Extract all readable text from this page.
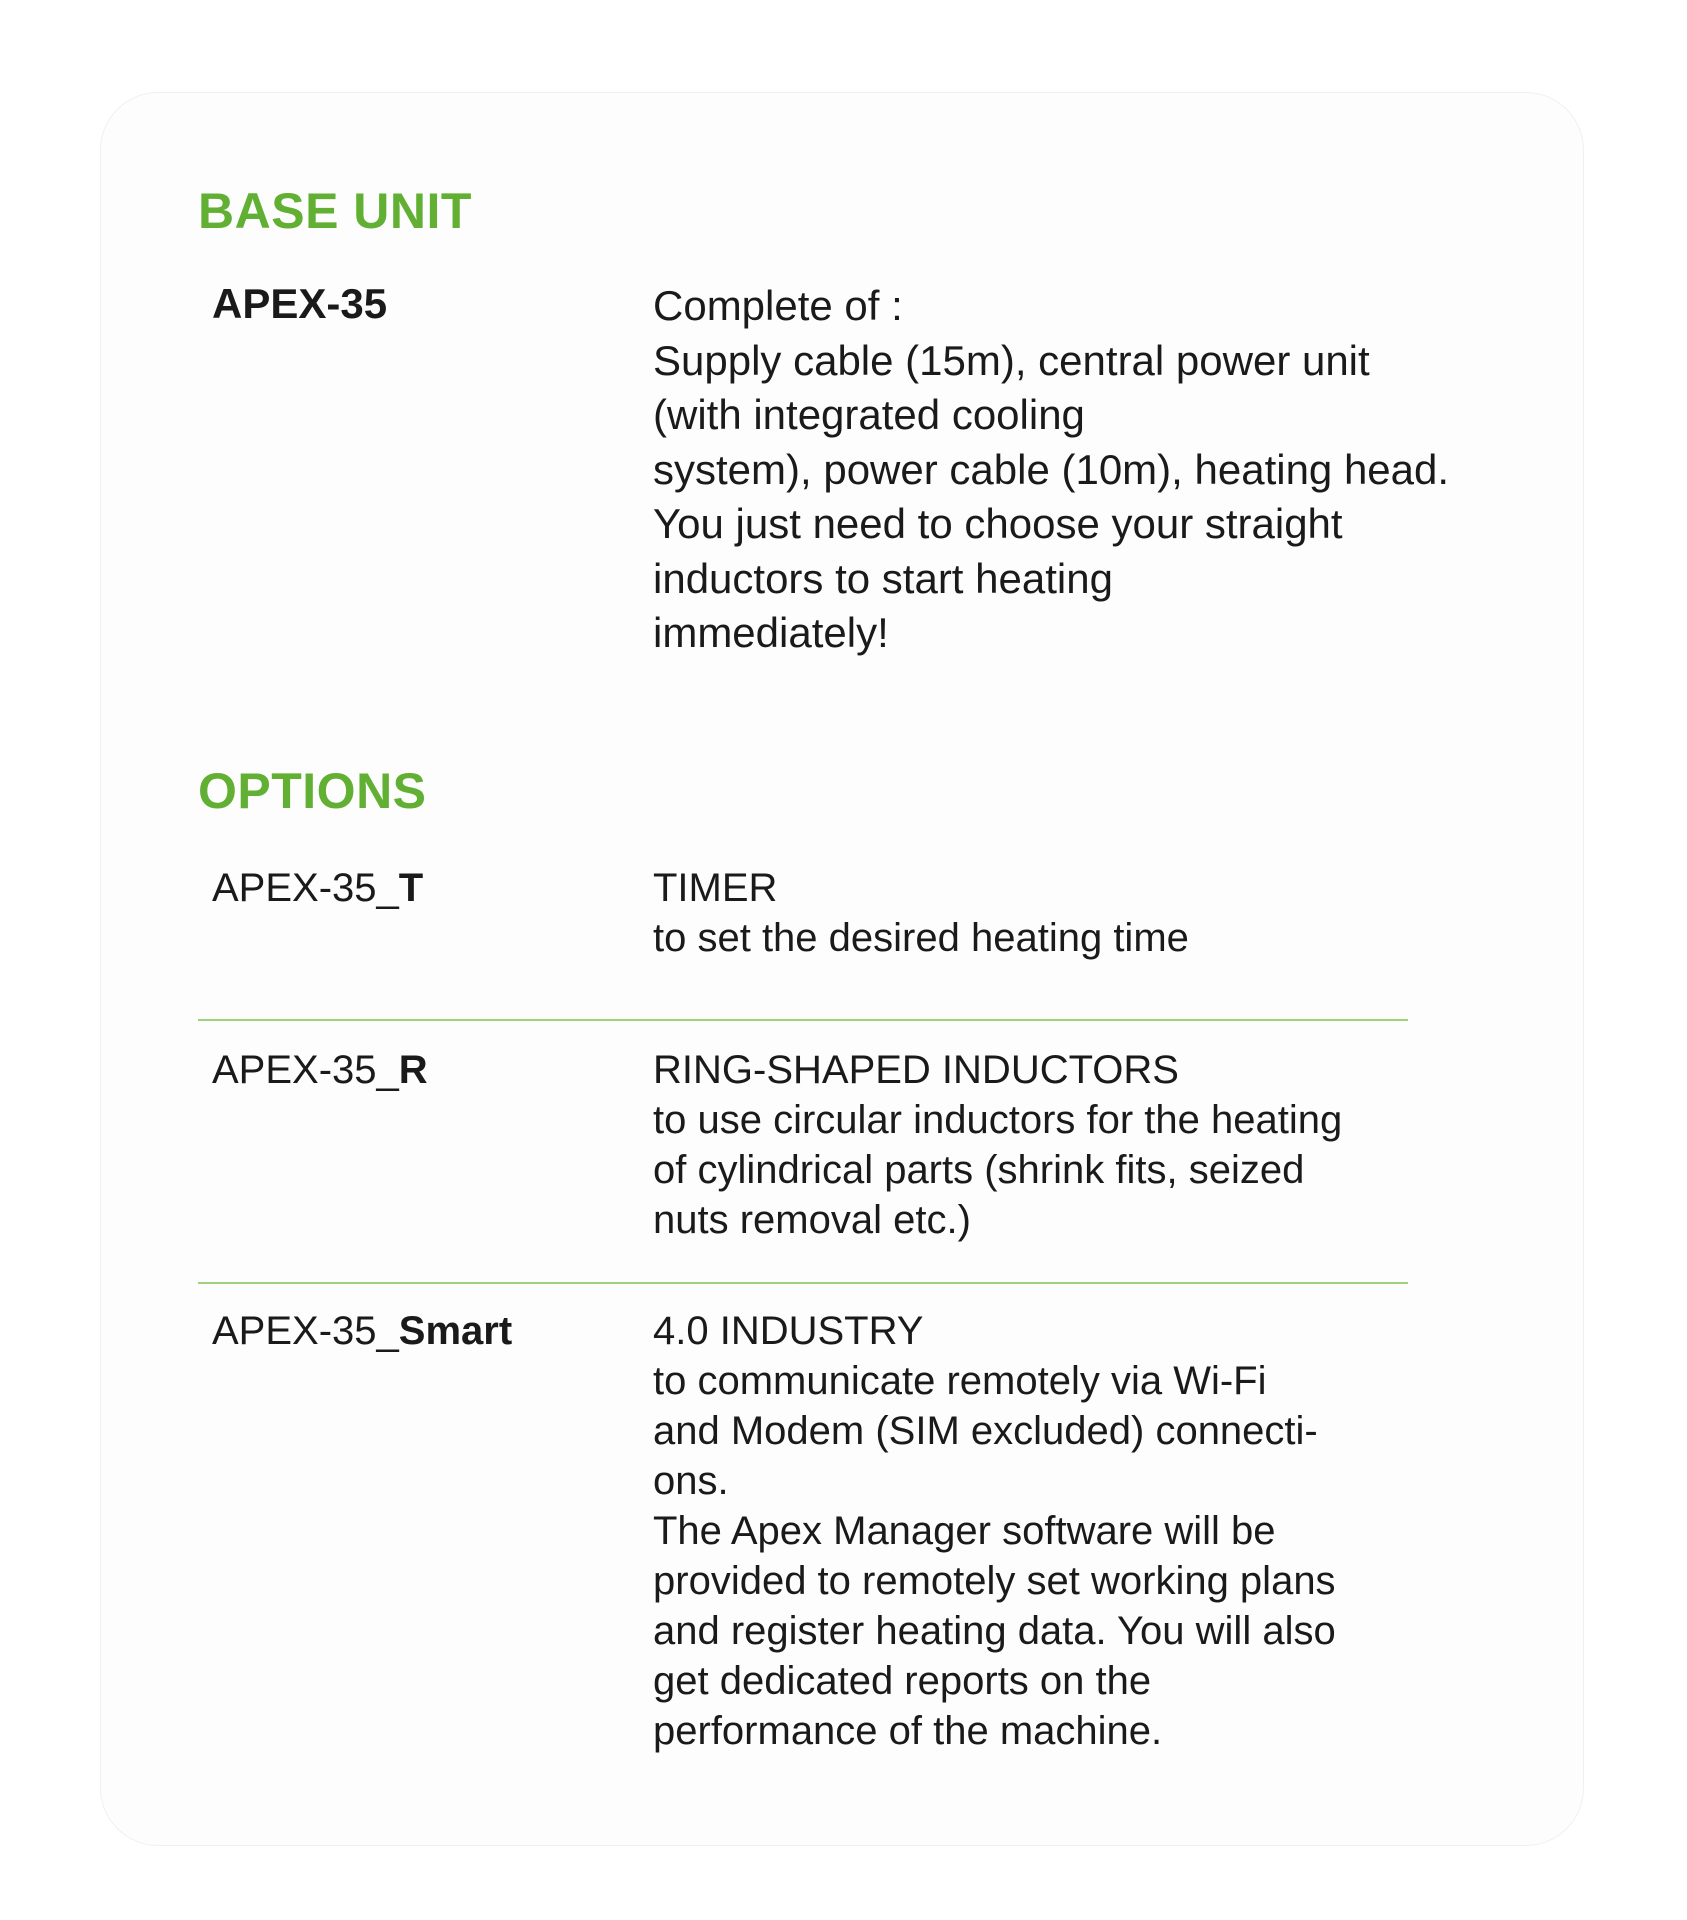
BASE UNIT
APEX-35	Complete of :
Supply cable (15m), central power unit
(with integrated cooling
system), power cable (10m), heating head.
You just need to choose your straight
inductors to start heating
immediately!
OPTIONS
APEX-35_T	TIMER
to set the desired heating time
APEX-35_R	RING-SHAPED INDUCTORS
to use circular inductors for the heating
of cylindrical parts (shrink fits, seized
nuts removal etc.)
APEX-35_Smart	4.0 INDUSTRY
to communicate remotely via Wi-Fi
and Modem (SIM excluded) connecti-
ons.
The Apex Manager software will be
provided to remotely set working plans
and register heating data. You will also
get dedicated reports on the
performance of the machine.
